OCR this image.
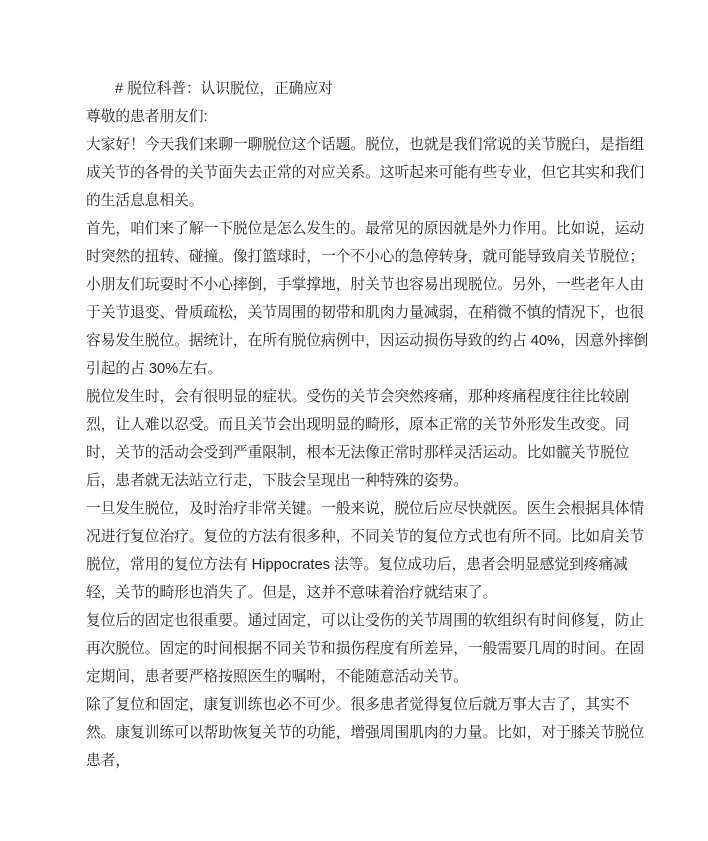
# 脱位科普：认识脱位，正确应对

尊敬的患者朋友们:

大家好！今天我们来聊一聊脱位这个话题。脱位，也就是我们常说的关节脱臼，是指组成关节的各骨的关节面失去正常的对应关系。这听起来可能有些专业，但它其实和我们的生活息息相关。

首先，咱们来了解一下脱位是怎么发生的。最常见的原因就是外力作用。比如说，运动时突然的扭转、碰撞。像打篮球时，一个不小心的急停转身，就可能导致肩关节脱位；小朋友们玩耍时不小心摔倒，手掌撑地，肘关节也容易出现脱位。另外，一些老年人由于关节退变、骨质疏松，关节周围的韧带和肌肉力量减弱，在稍微不慎的情况下，也很容易发生脱位。据统计，在所有脱位病例中，因运动损伤导致的约占 40%，因意外摔倒引起的占 30%左右。

脱位发生时，会有很明显的症状。受伤的关节会突然疼痛，那种疼痛程度往往比较剧烈，让人难以忍受。而且关节会出现明显的畸形，原本正常的关节外形发生改变。同时，关节的活动会受到严重限制，根本无法像正常时那样灵活运动。比如髋关节脱位后，患者就无法站立行走，下肢会呈现出一种特殊的姿势。

一旦发生脱位，及时治疗非常关键。一般来说，脱位后应尽快就医。医生会根据具体情况进行复位治疗。复位的方法有很多种，不同关节的复位方式也有所不同。比如肩关节脱位，常用的复位方法有 Hippocrates 法等。复位成功后，患者会明显感觉到疼痛减轻，关节的畸形也消失了。但是，这并不意味着治疗就结束了。

复位后的固定也很重要。通过固定，可以让受伤的关节周围的软组织有时间修复，防止再次脱位。固定的时间根据不同关节和损伤程度有所差异，一般需要几周的时间。在固定期间，患者要严格按照医生的嘱咐，不能随意活动关节。

除了复位和固定，康复训练也必不可少。很多患者觉得复位后就万事大吉了，其实不然。康复训练可以帮助恢复关节的功能，增强周围肌肉的力量。比如，对于膝关节脱位患者，
